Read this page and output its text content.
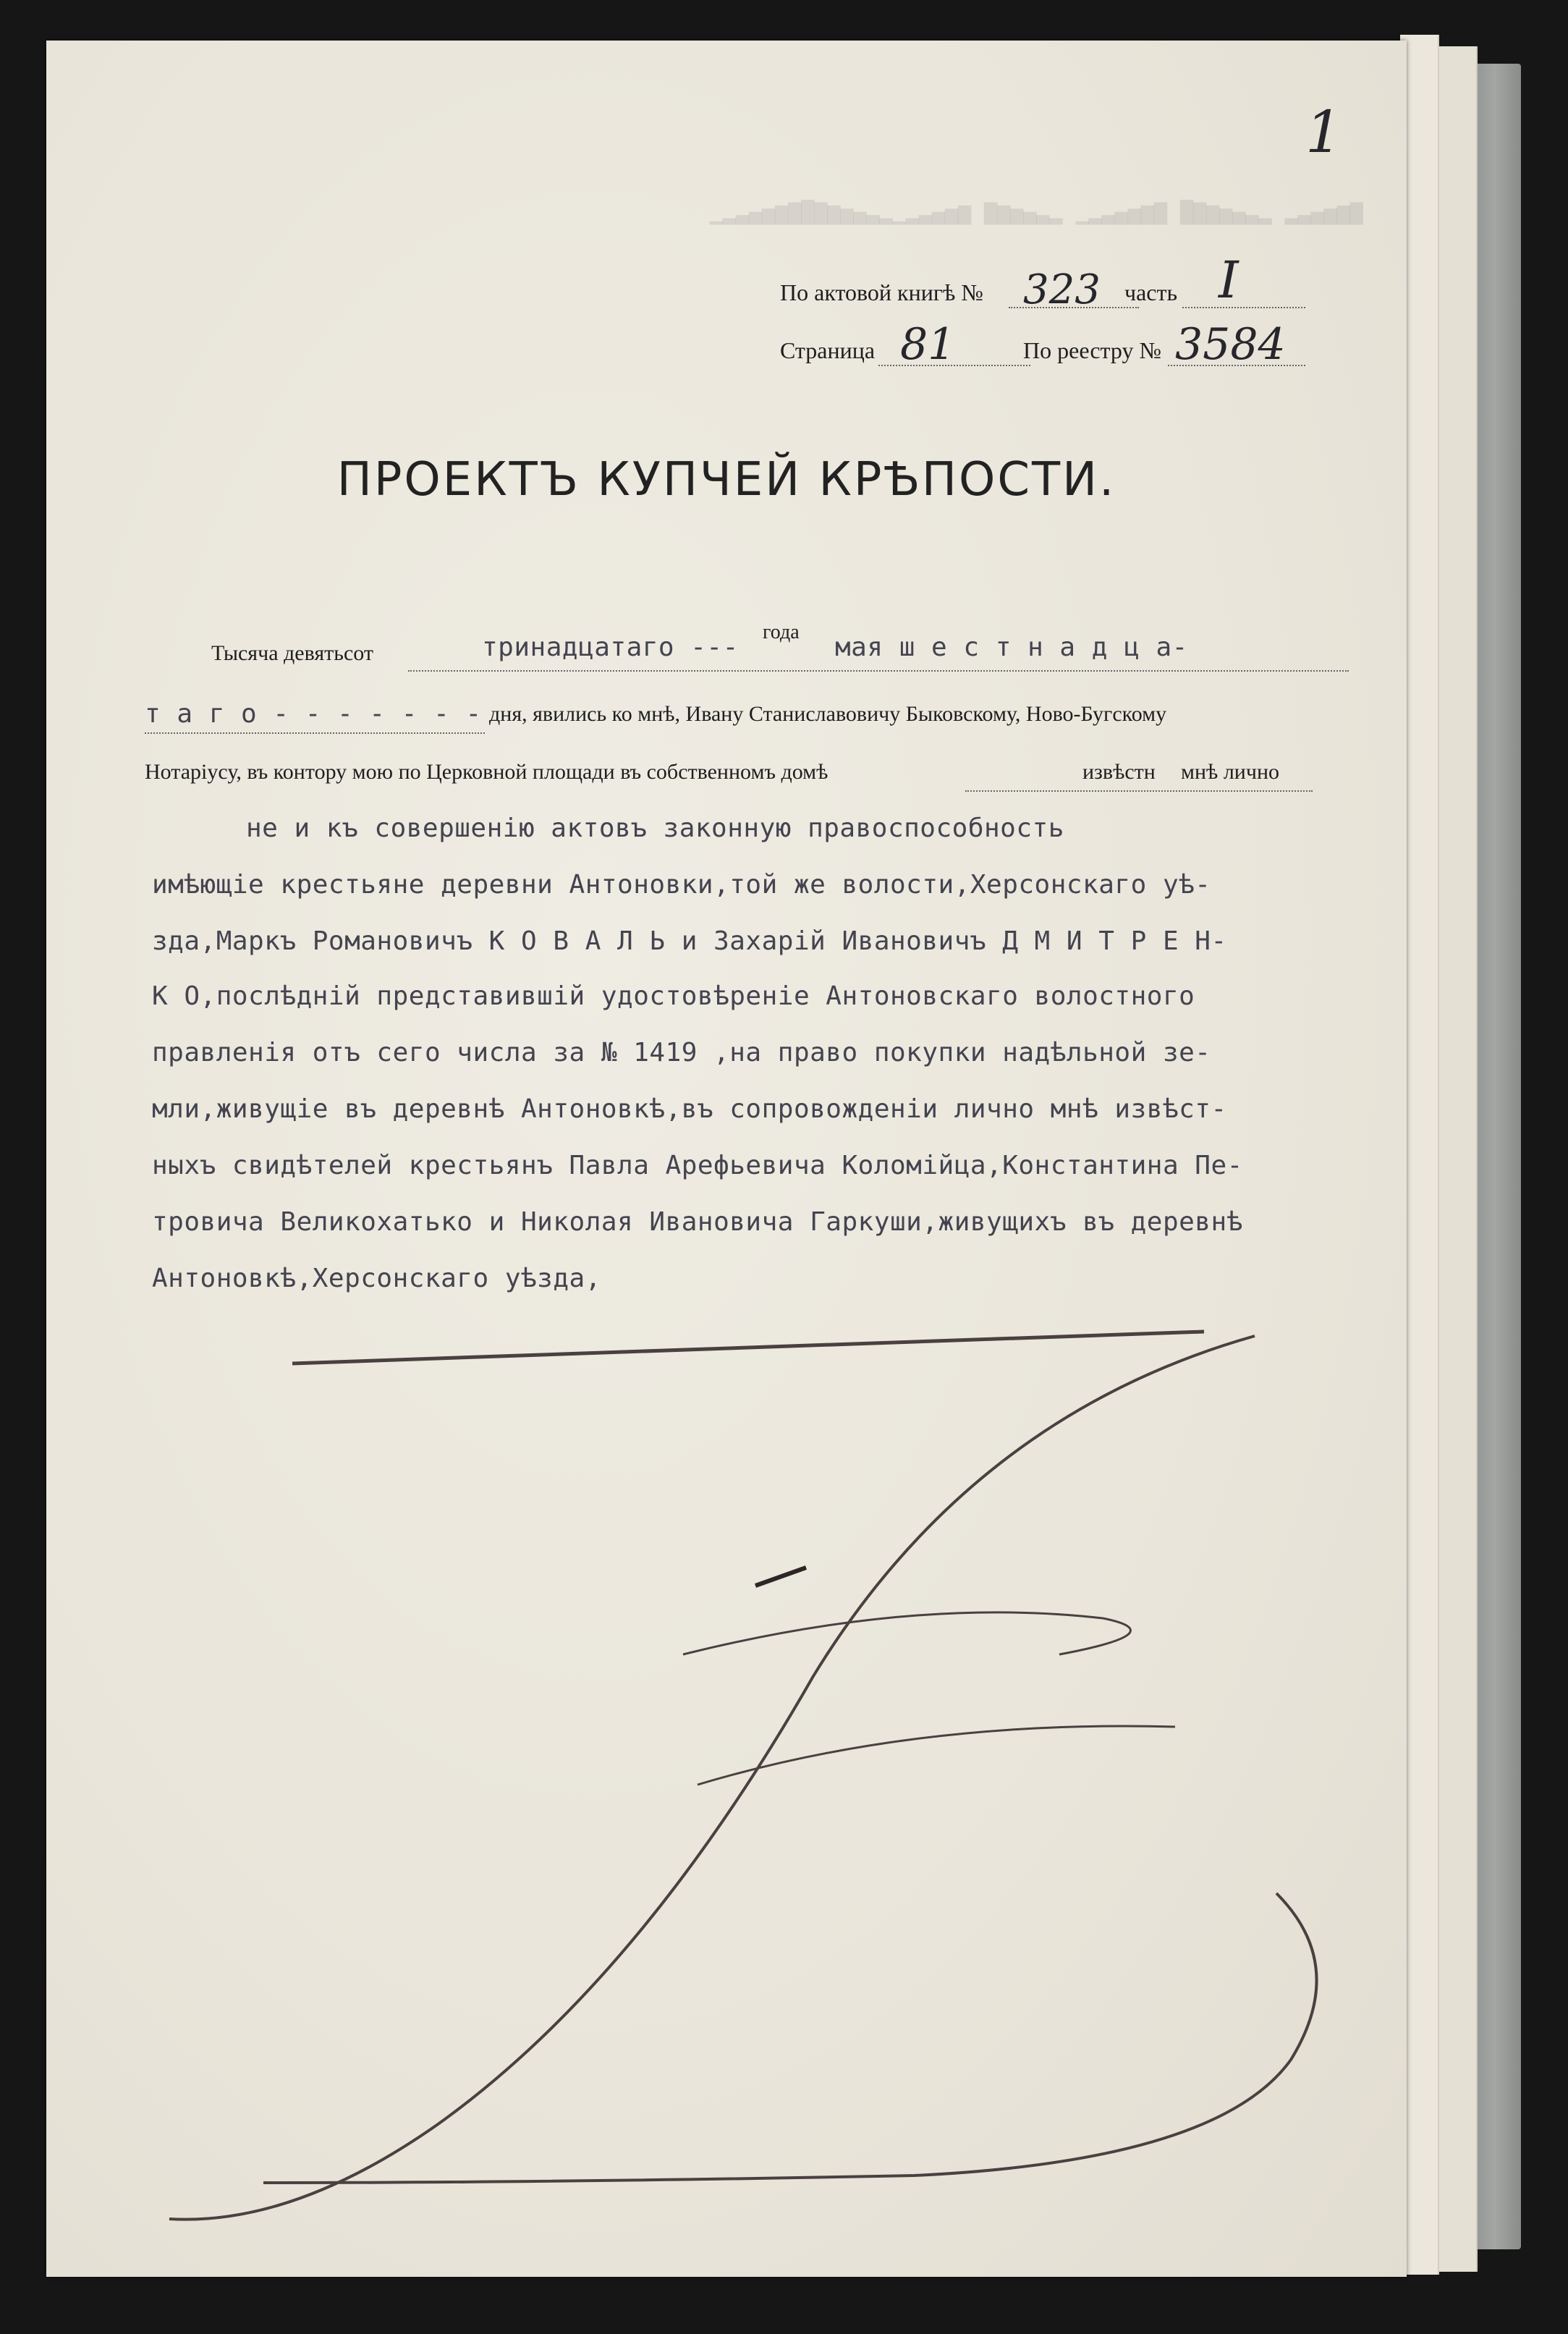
▇▆▅▄▃▂ ▂▃▄▅▆▇█ ▇▆▅▄▃▂▁ ▂▃▄▅▆▇ ▆▅▄▃▂▁▂▃▄▅▆▇█▇▆▅▄▃▂▁
1
По актовой книгѣ № 323 часть I
Страница 81	По реестру № 3584
ПРОЕКТЪ КУПЧЕЙ КРѢПОСТИ.
Тысяча девятьсот	тринадцатаго ---
года
мая ш е с т н а д ц а-
т а г о - - - - - - - дня, явились ко мнѣ, Ивану Станиславовичу Быковскому, Ново-Бугскому
Нотаріусу, въ контору мою по Церковной площади въ собственномъ домѣ	извѣстн мнѣ лично
не и къ совершенію актовъ законную правоспособность
имѣющіе крестьяне деревни Антоновки,той же волости,Херсонскаго уѣ-
зда,Маркъ Романовичъ К О В А Л Ь и Захарій Ивановичъ Д М И Т Р Е Н-
К О,послѣдній представившій удостовѣреніе Антоновскаго волостного
правленія отъ сего числа за № 1419 ,на право покупки надѣльной зе-
мли,живущіе въ деревнѣ Антоновкѣ,въ сопровожденіи лично мнѣ извѣст-
ныхъ свидѣтелей крестьянъ Павла Арефьевича Коломійца,Константина Пе-
тровича Великохатько и Николая Ивановича Гаркуши,живущихъ въ деревнѣ
Антоновкѣ,Херсонскаго уѣзда,
